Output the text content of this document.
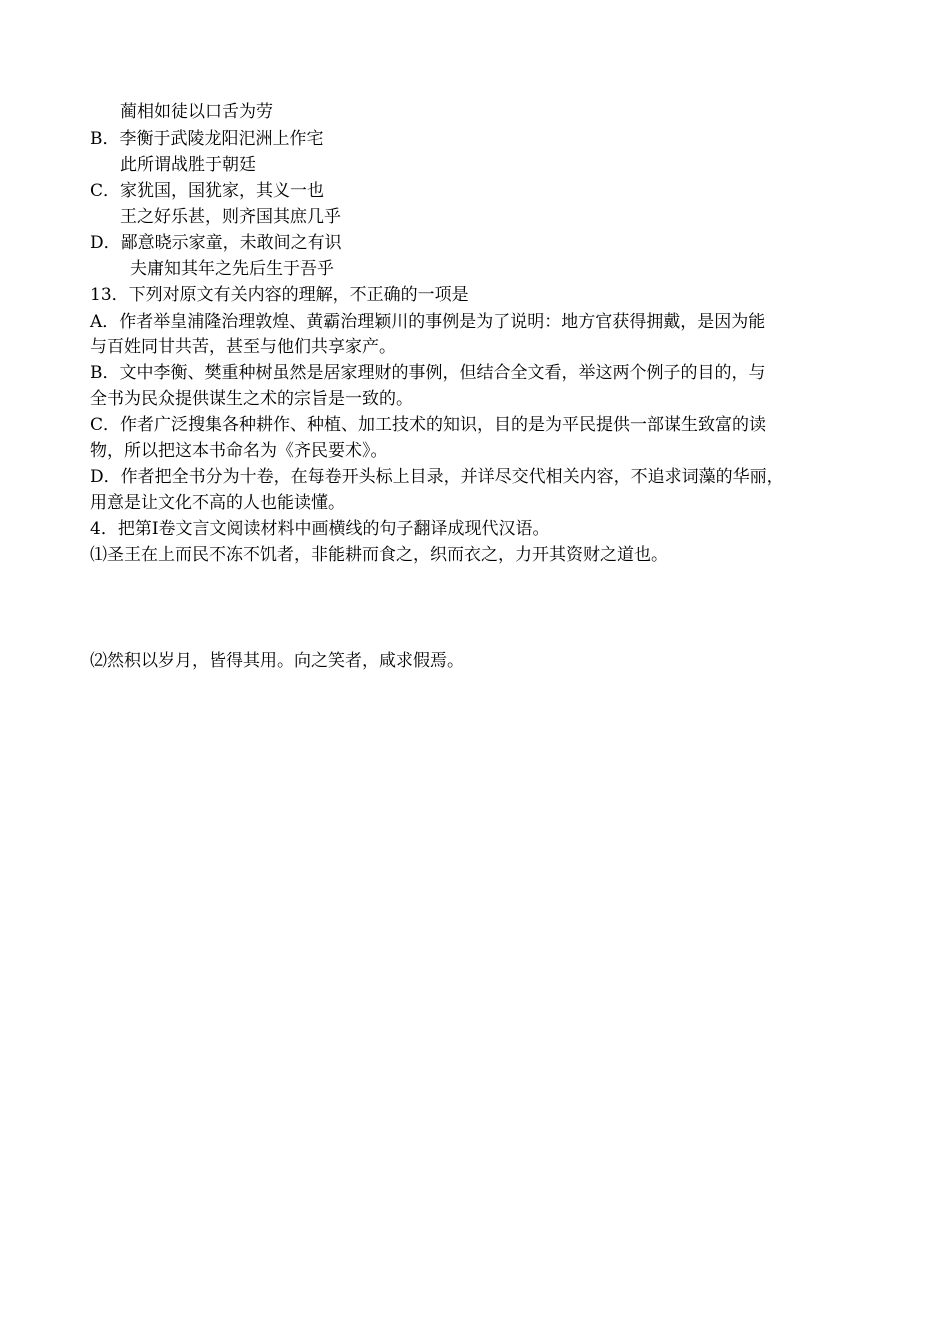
蔺相如徒以口舌为劳
B．李衡于武陵龙阳汜洲上作宅
此所谓战胜于朝廷
C．家犹国，国犹家，其义一也
王之好乐甚，则齐国其庶几乎
D．鄙意晓示家童，未敢间之有识
夫庸知其年之先后生于吾乎
13．下列对原文有关内容的理解，不正确的一项是
A．作者举皇浦隆治理敦煌、黄霸治理颖川的事例是为了说明：地方官获得拥戴，是因为能
与百姓同甘共苦，甚至与他们共享家产。
B．文中李衡、樊重种树虽然是居家理财的事例，但结合全文看，举这两个例子的目的，与
全书为民众提供谋生之术的宗旨是一致的。
C．作者广泛搜集各种耕作、种植、加工技术的知识，目的是为平民提供一部谋生致富的读
物，所以把这本书命名为《齐民要术》。
D．作者把全书分为十卷，在每卷开头标上目录，并详尽交代相关内容，不追求词藻的华丽，
用意是让文化不高的人也能读懂。
4．把第Ⅰ卷文言文阅读材料中画横线的句子翻译成现代汉语。
⑴圣王在上而民不冻不饥者，非能耕而食之，织而衣之，力开其资财之道也。
⑵然积以岁月，皆得其用。向之笑者，咸求假焉。
